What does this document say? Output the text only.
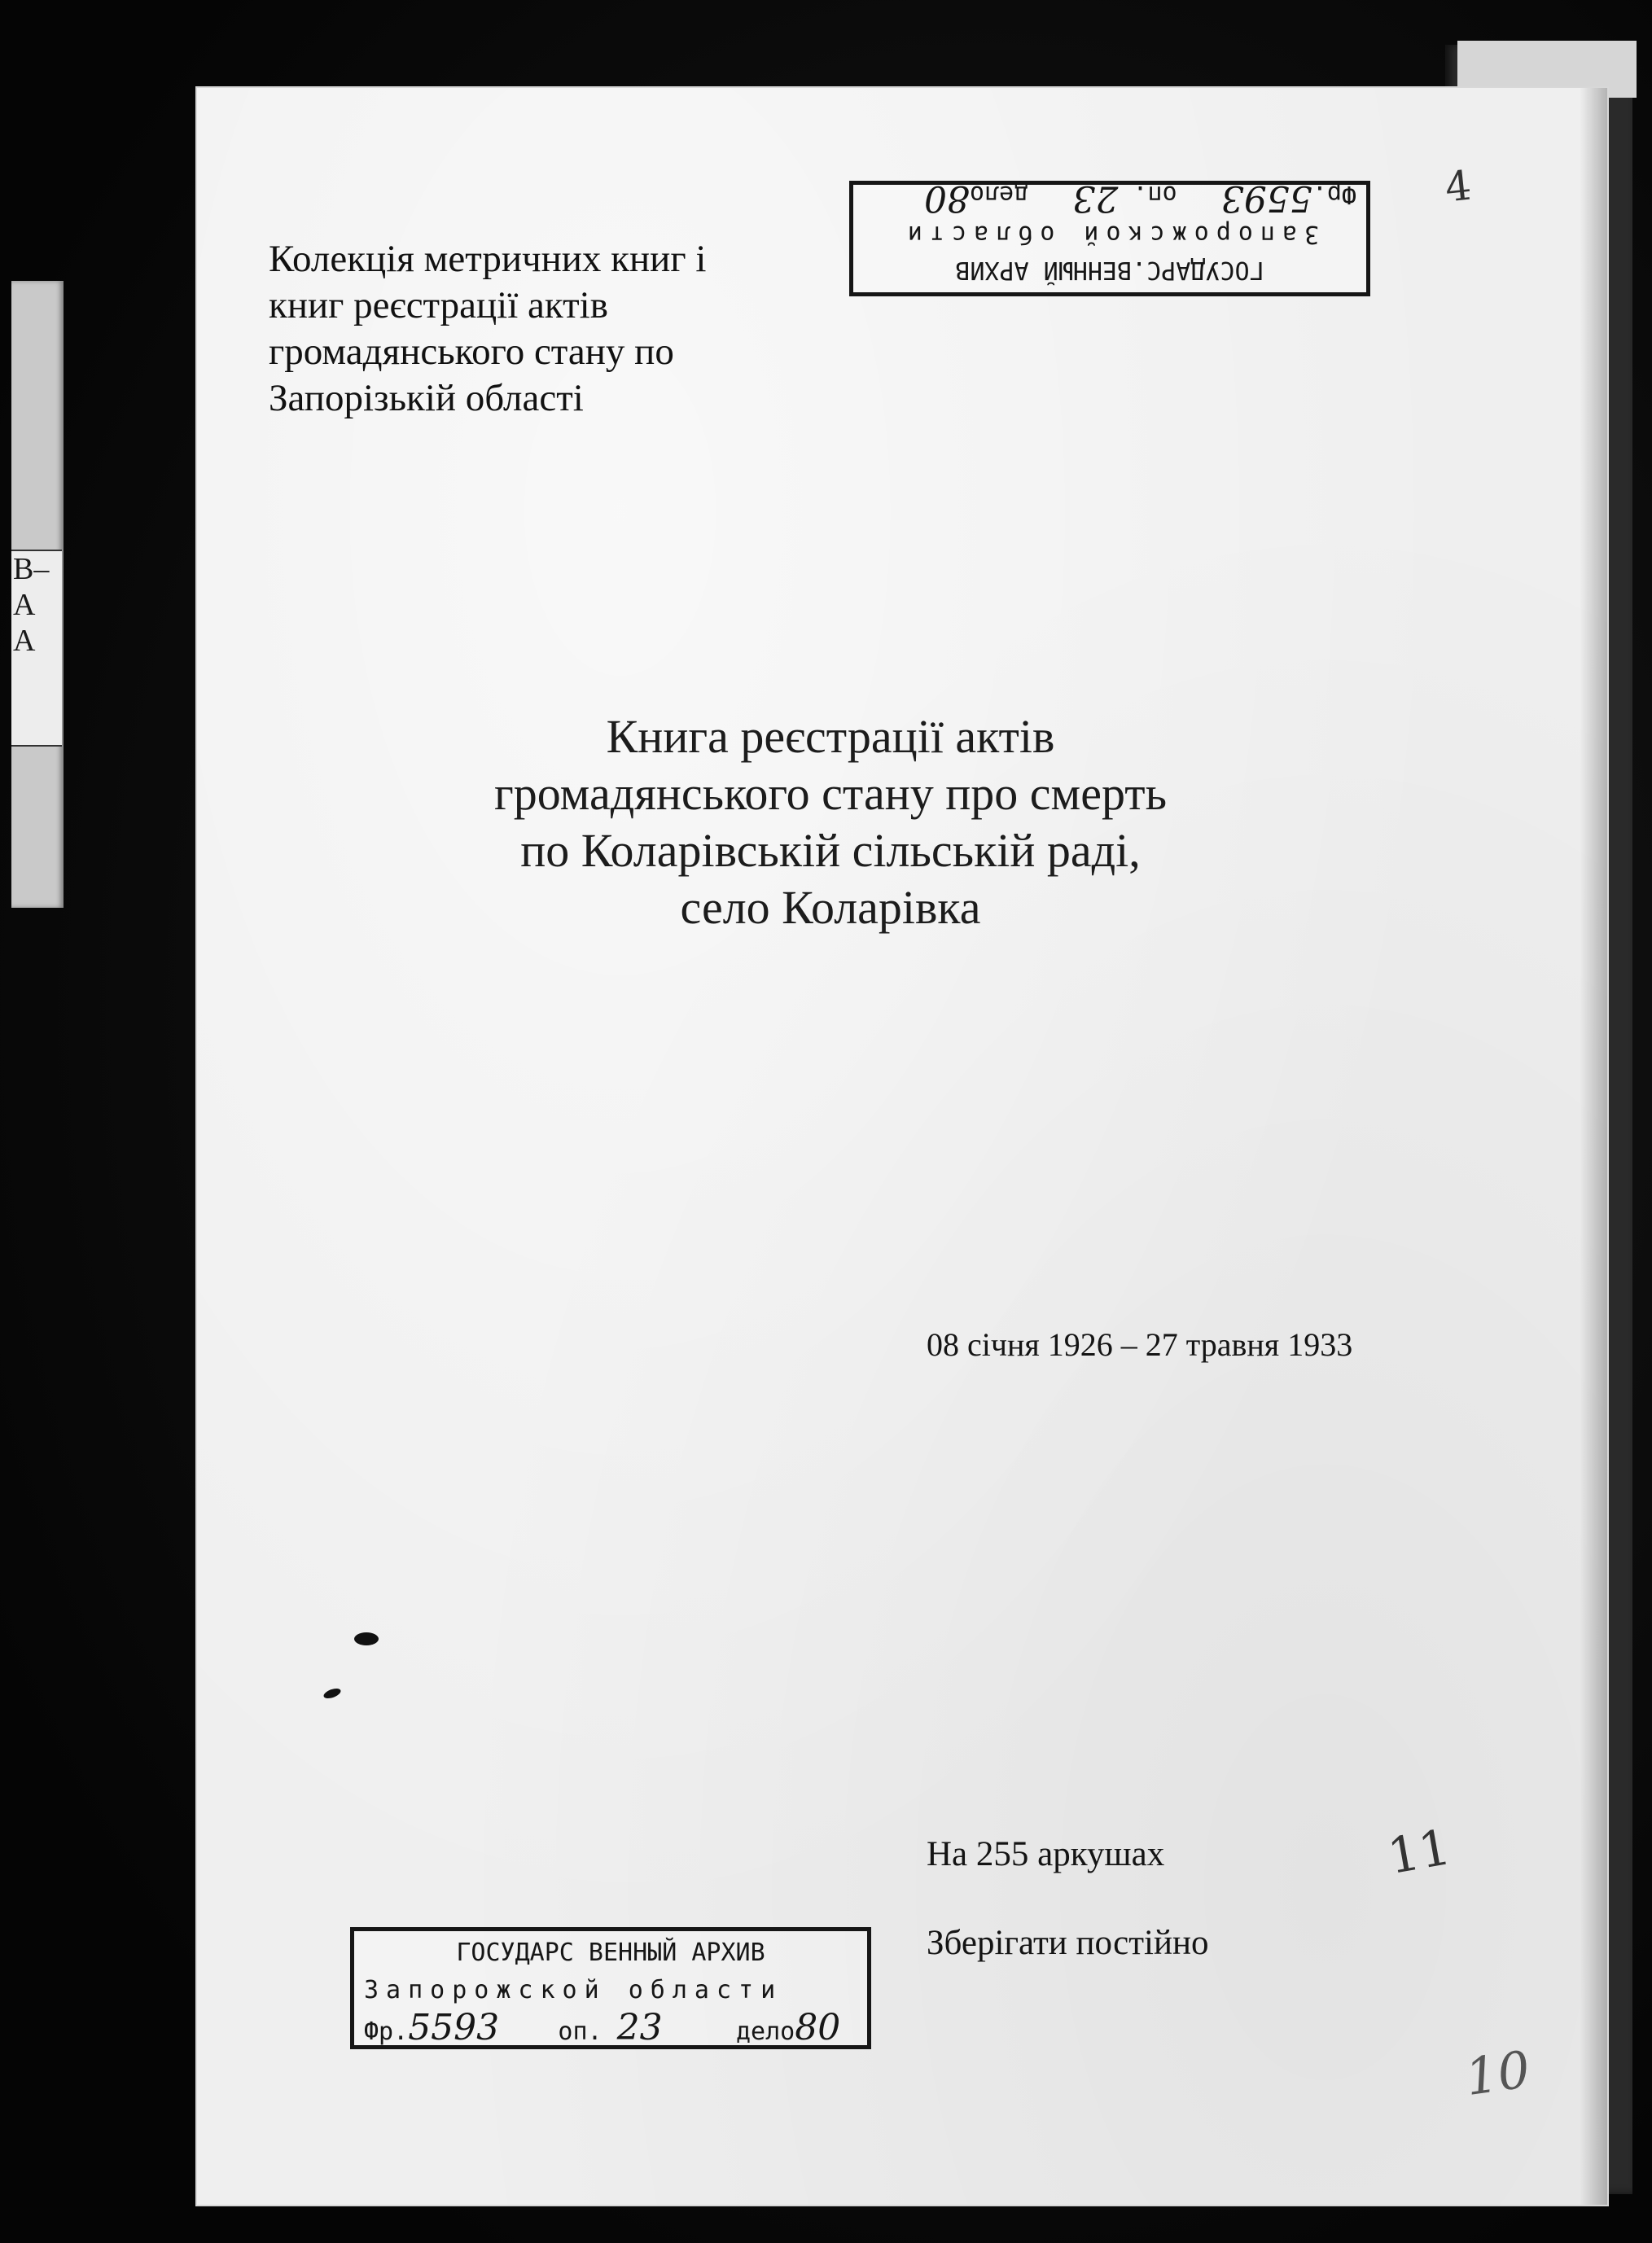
В–
А
А
ГОСУДАРС.ВЕННЫЙ АРХИВ
Запорожской области
Фр.5593   оп. 23   дело80
Колекція метричних книг і
книг реєстрації актів
громадянського стану по
Запорізькій області
Книга реєстрації актів
громадянського стану про смерть
по Коларівській сільській раді,
село Коларівка
08 січня 1926 – 27 травня 1933
На 255 аркушах
Зберігати постійно
ГОСУДАРС ВЕННЫЙ АРХИВ
Запорожской области
Фр.5593 оп. 23	дело80
4
11
10
